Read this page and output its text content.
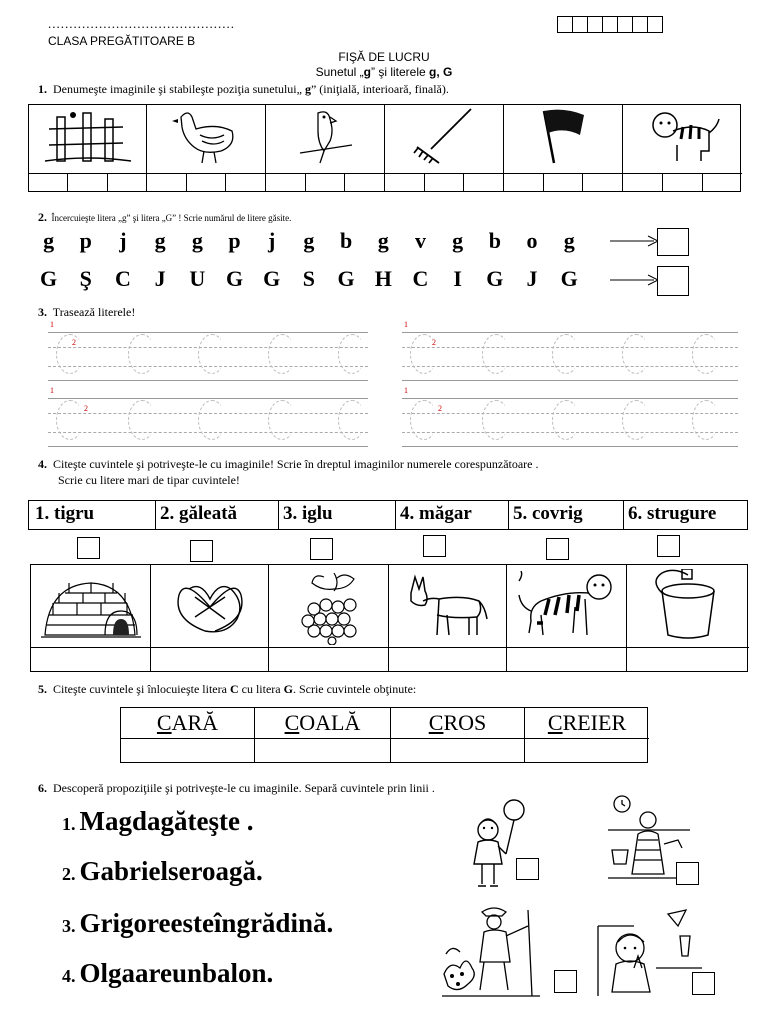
............................................
CLASA PREGĂTITOARE B

FIŞĂ DE LUCRU
Sunetul „g” şi literele g, G
1. Denumeşte imaginile şi stabileşte poziţia sunetului„ g” (iniţială, interioară, finală).
2. Încercuieşte litera „g” şi litera „G” ! Scrie numărul de litere găsite.
g p j g g p j g b g v g b o g
G Ş C J U G G S G H C I G J G
3. Trasează literele!
1
2
1
2
1
2
1
2
4. Citeşte cuvintele şi potriveşte-le cu imaginile! Scrie în dreptul imaginilor numerele corespunzătoare .
Scrie cu litere mari de tipar cuvintele!
1. tigru	2. găleată	3. iglu	4. măgar	5. covrig	6. strugure
5. Citeşte cuvintele şi înlocuieşte litera C cu litera G. Scrie cuvintele obţinute:
CARĂ	COALĂ	CROS	CREIER
6. Descoperă propoziţiile şi potriveşte-le cu imaginile. Separă cuvintele prin linii .
1. Magdagăteşte .
2. Gabrielseroagă.
3. Grigoreesteîngrădină.
4. Olgaareunbalon.
